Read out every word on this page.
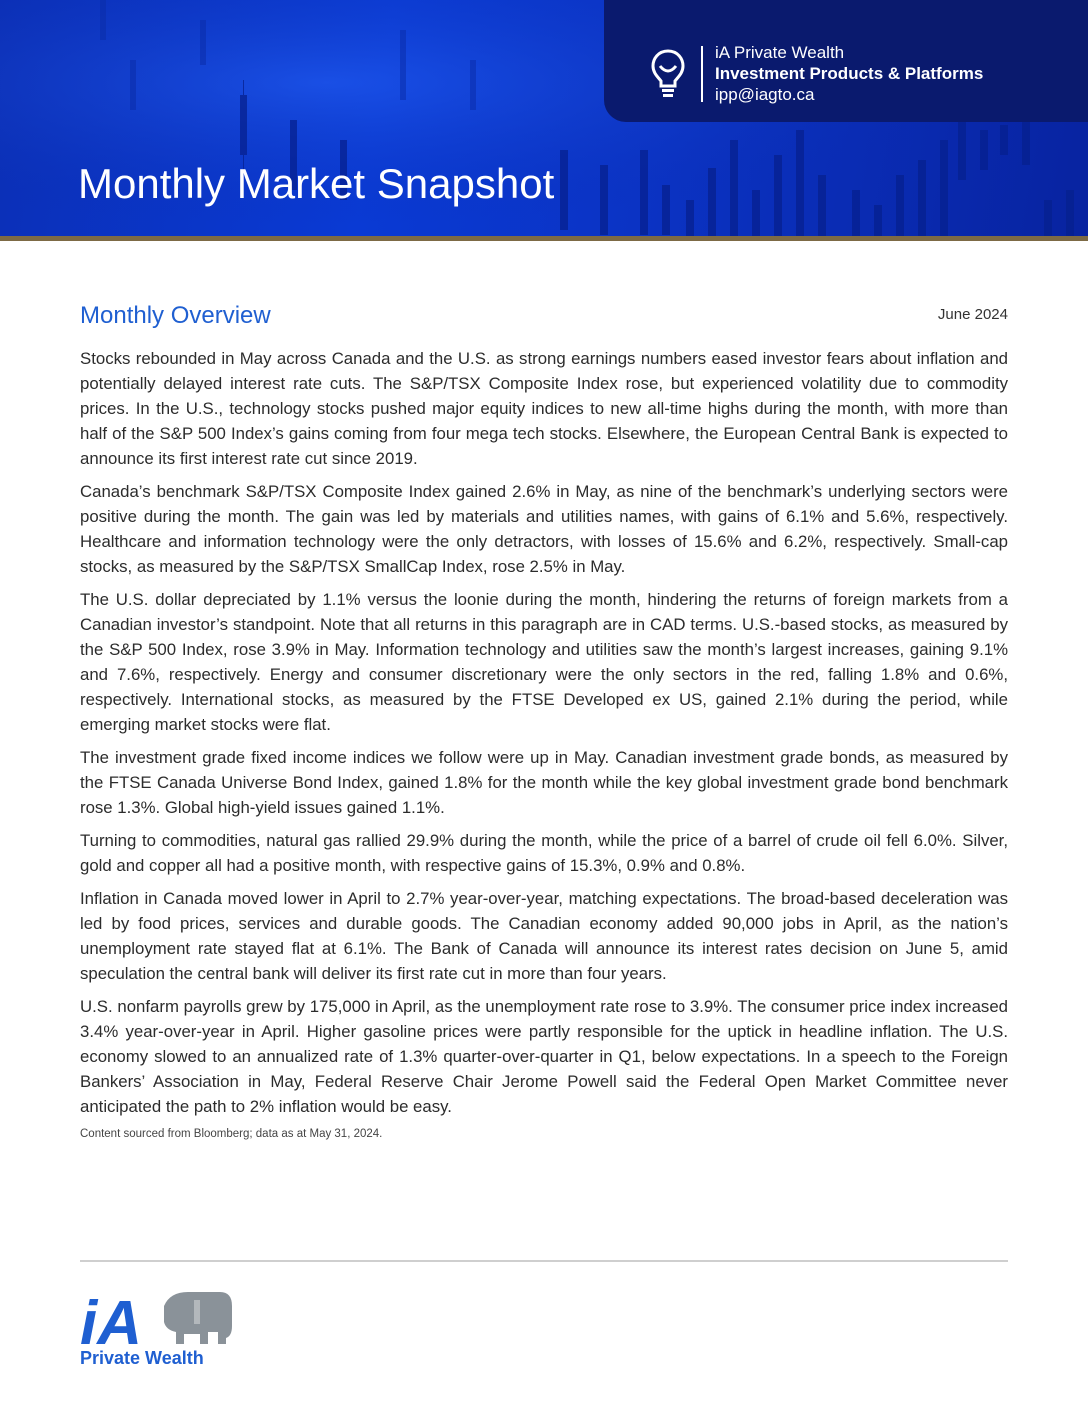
iA Private Wealth
Investment Products & Platforms
ipp@iagto.ca
Monthly Market Snapshot
Monthly Overview	June 2024

Stocks rebounded in May across Canada and the U.S. as strong earnings numbers eased investor fears about inflation and potentially delayed interest rate cuts. The S&P/TSX Composite Index rose, but experienced volatility due to commodity prices. In the U.S., technology stocks pushed major equity indices to new all-time highs during the month, with more than half of the S&P 500 Index’s gains coming from four mega tech stocks. Elsewhere, the European Central Bank is expected to announce its first interest rate cut since 2019.

Canada’s benchmark S&P/TSX Composite Index gained 2.6% in May, as nine of the benchmark’s underlying sectors were positive during the month. The gain was led by materials and utilities names, with gains of 6.1% and 5.6%, respectively. Healthcare and information technology were the only detractors, with losses of 15.6% and 6.2%, respectively. Small-cap stocks, as measured by the S&P/TSX SmallCap Index, rose 2.5% in May.

The U.S. dollar depreciated by 1.1% versus the loonie during the month, hindering the returns of foreign markets from a Canadian investor’s standpoint. Note that all returns in this paragraph are in CAD terms. U.S.-based stocks, as measured by the S&P 500 Index, rose 3.9% in May. Information technology and utilities saw the month’s largest increases, gaining 9.1% and 7.6%, respectively. Energy and consumer discretionary were the only sectors in the red, falling 1.8% and 0.6%, respectively. International stocks, as measured by the FTSE Developed ex US, gained 2.1% during the period, while emerging market stocks were flat.

The investment grade fixed income indices we follow were up in May. Canadian investment grade bonds, as measured by the FTSE Canada Universe Bond Index, gained 1.8% for the month while the key global investment grade bond benchmark rose 1.3%. Global high-yield issues gained 1.1%.

Turning to commodities, natural gas rallied 29.9% during the month, while the price of a barrel of crude oil fell 6.0%. Silver, gold and copper all had a positive month, with respective gains of 15.3%, 0.9% and 0.8%.

Inflation in Canada moved lower in April to 2.7% year-over-year, matching expectations. The broad-based deceleration was led by food prices, services and durable goods. The Canadian economy added 90,000 jobs in April, as the nation’s unemployment rate stayed flat at 6.1%. The Bank of Canada will announce its interest rates decision on June 5, amid speculation the central bank will deliver its first rate cut in more than four years.

U.S. nonfarm payrolls grew by 175,000 in April, as the unemployment rate rose to 3.9%. The consumer price index increased 3.4% year-over-year in April. Higher gasoline prices were partly responsible for the uptick in headline inflation. The U.S. economy slowed to an annualized rate of 1.3% quarter-over-quarter in Q1, below expectations. In a speech to the Foreign Bankers’ Association in May, Federal Reserve Chair Jerome Powell said the Federal Open Market Committee never anticipated the path to 2% inflation would be easy.

Content sourced from Bloomberg; data as at May 31, 2024.
iA
Private Wealth
